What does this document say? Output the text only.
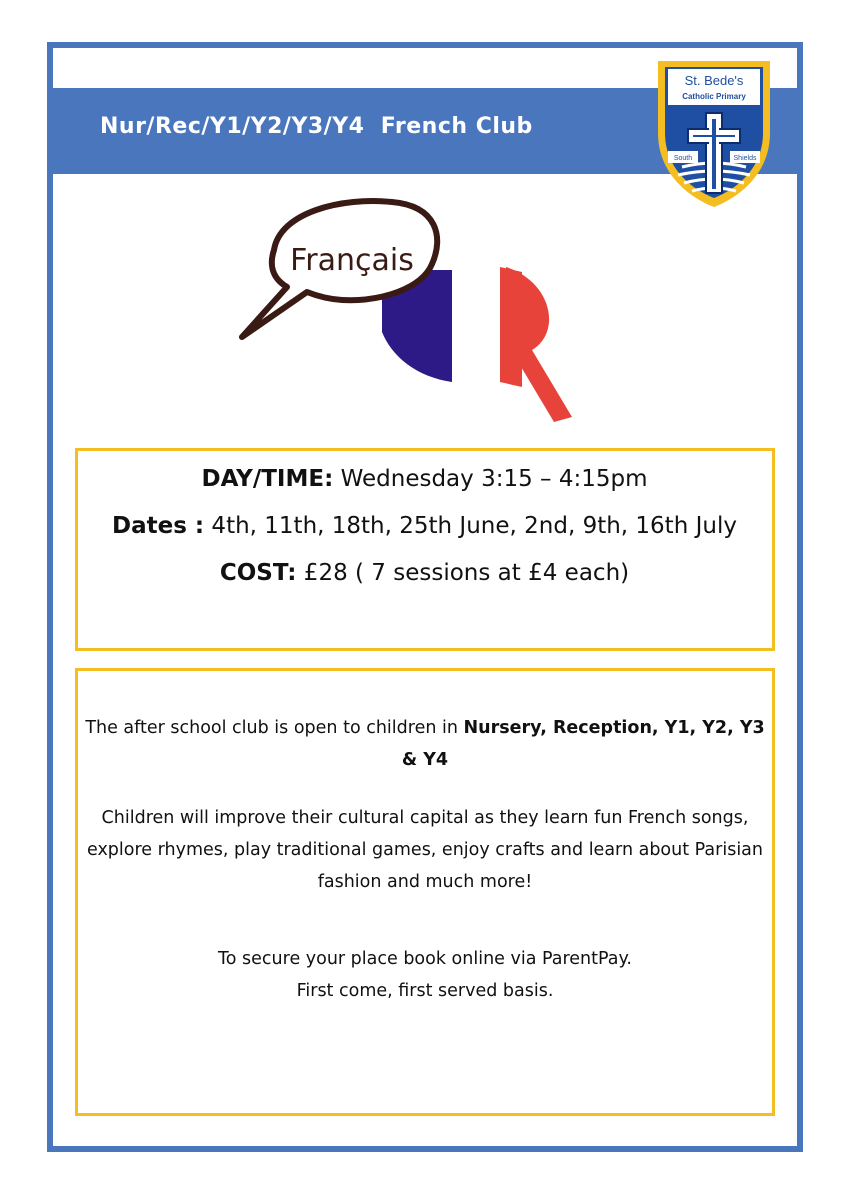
Nur/Rec/Y1/Y2/Y3/Y4  French Club
St. Bede's
Catholic Primary
South	Shields
Français
DAY/TIME: Wednesday 3:15 – 4:15pm
Dates : 4th, 11th, 18th, 25th June, 2nd, 9th, 16th July
COST: £28 ( 7 sessions at £4 each)
The after school club is open to children in Nursery, Reception, Y1, Y2, Y3 & Y4
Children will improve their cultural capital as they learn fun French songs, explore rhymes, play traditional games, enjoy crafts and learn about Parisian fashion and much more!
To secure your place book online via ParentPay.
First come, first served basis.
